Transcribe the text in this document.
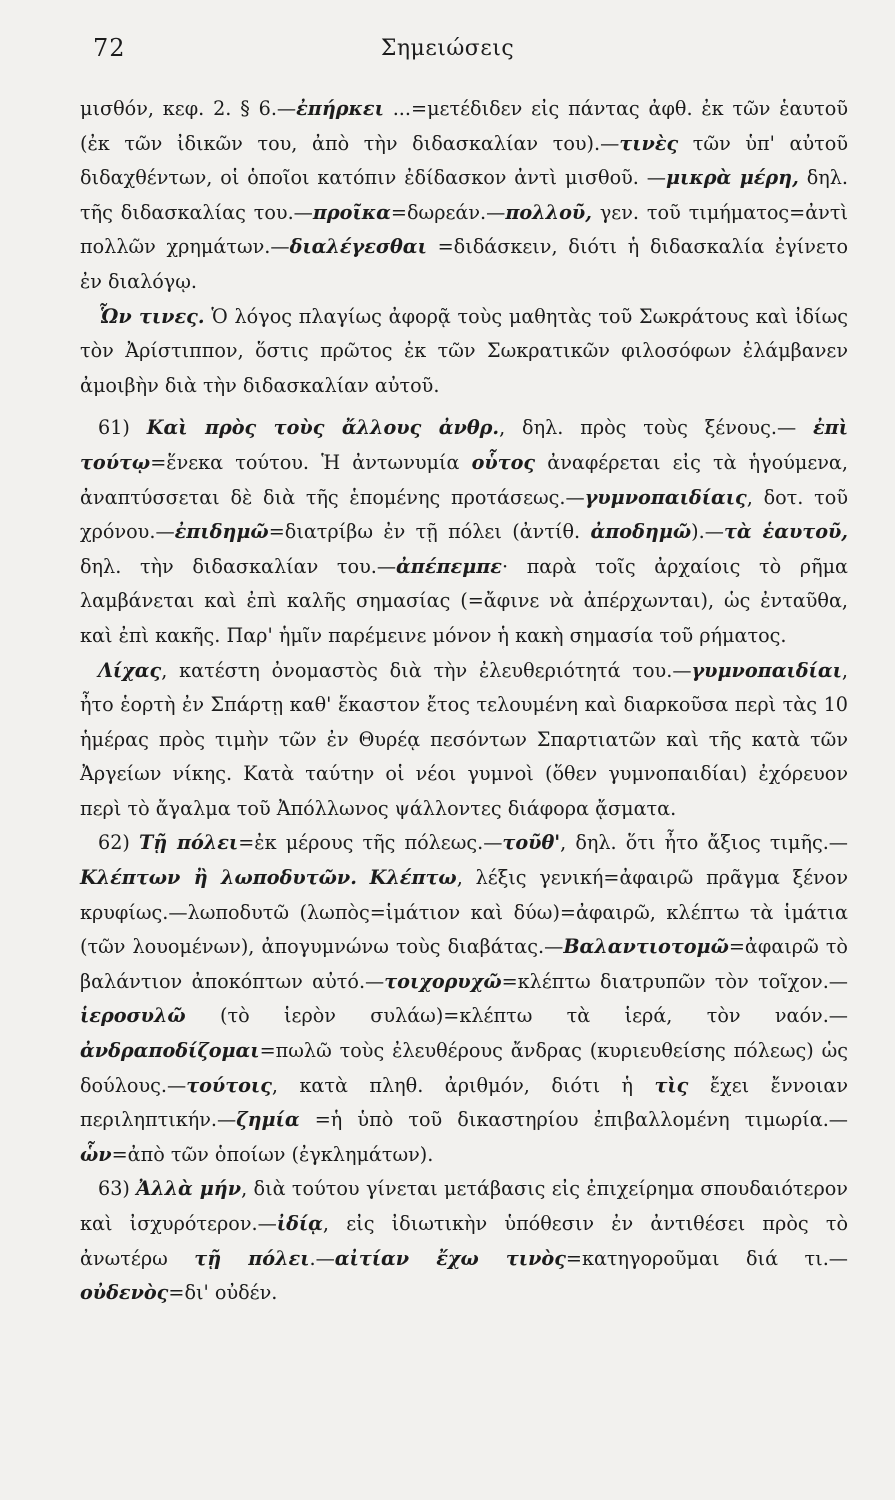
72	Σημειώσεις

μισθόν, κεφ. 2. § 6.—ἐπήρκει ...=μετέδιδεν εἰς πάντας ἀφθ. ἐκ τῶν ἑαυτοῦ (ἐκ τῶν ἰδικῶν του, ἀπὸ τὴν διδασκαλίαν του).—τινὲς τῶν ὑπ' αὐτοῦ διδαχθέντων, οἱ ὁποῖοι κατόπιν ἐδίδασκον ἀντὶ μισθοῦ. —μικρὰ μέρη, δηλ. τῆς διδασκαλίας του.—προῖκα=δωρεάν.—πολλοῦ, γεν. τοῦ τιμήματος=ἀντὶ πολλῶν χρημάτων.—διαλέγεσθαι =διδάσκειν, διότι ἡ διδασκαλία ἐγίνετο ἐν διαλόγῳ.

Ὧν τινες. Ὁ λόγος πλαγίως ἀφορᾷ τοὺς μαθητὰς τοῦ Σωκράτους καὶ ἰδίως τὸν Ἀρίστιππον, ὅστις πρῶτος ἐκ τῶν Σωκρατικῶν φιλοσόφων ἐλάμβανεν ἀμοιβὴν διὰ τὴν διδασκαλίαν αὐτοῦ.

61) Καὶ πρὸς τοὺς ἄλλους ἀνθρ., δηλ. πρὸς τοὺς ξένους.— ἐπὶ τούτῳ=ἕνεκα τούτου. Ἡ ἀντωνυμία οὗτος ἀναφέρεται εἰς τὰ ἡγούμενα, ἀναπτύσσεται δὲ διὰ τῆς ἑπομένης προτάσεως.—γυμνοπαιδίαις, δοτ. τοῦ χρόνου.—ἐπιδημῶ=διατρίβω ἐν τῇ πόλει (ἀντίθ. ἀποδημῶ).—τὰ ἑαυτοῦ, δηλ. τὴν διδασκαλίαν του.—ἀπέπεμπε· παρὰ τοῖς ἀρχαίοις τὸ ρῆμα λαμβάνεται καὶ ἐπὶ καλῆς σημασίας (=ἄφινε νὰ ἀπέρχωνται), ὡς ἐνταῦθα, καὶ ἐπὶ κακῆς. Παρ' ἡμῖν παρέμεινε μόνον ἡ κακὴ σημασία τοῦ ρήματος.

Λίχας, κατέστη ὀνομαστὸς διὰ τὴν ἐλευθεριότητά του.—γυμνοπαιδίαι, ἦτο ἑορτὴ ἐν Σπάρτῃ καθ' ἕκαστον ἔτος τελουμένη καὶ διαρκοῦσα περὶ τὰς 10 ἡμέρας πρὸς τιμὴν τῶν ἐν Θυρέᾳ πεσόντων Σπαρτιατῶν καὶ τῆς κατὰ τῶν Ἀργείων νίκης. Κατὰ ταύτην οἱ νέοι γυμνοὶ (ὅθεν γυμνοπαιδίαι) ἐχόρευον περὶ τὸ ἄγαλμα τοῦ Ἀπόλλωνος ψάλλοντες διάφορα ᾄσματα.

62) Τῇ πόλει=ἐκ μέρους τῆς πόλεως.—τοῦθ', δηλ. ὅτι ἦτο ἄξιος τιμῆς.—Κλέπτων ἢ λωποδυτῶν. Κλέπτω, λέξις γενική=ἀφαιρῶ πρᾶγμα ξένον κρυφίως.—λωποδυτῶ (λωπὸς=ἱμάτιον καὶ δύω)=ἀφαιρῶ, κλέπτω τὰ ἱμάτια (τῶν λουομένων), ἀπογυμνώνω τοὺς διαβάτας.—Βαλαντιοτομῶ=ἀφαιρῶ τὸ βαλάντιον ἀποκόπτων αὐτό.—τοιχορυχῶ=κλέπτω διατρυπῶν τὸν τοῖχον.—ἱεροσυλῶ (τὸ ἱερὸν συλάω)=κλέπτω τὰ ἱερά, τὸν ναόν.—ἀνδραποδίζομαι=πωλῶ τοὺς ἐλευθέρους ἄνδρας (κυριευθείσης πόλεως) ὡς δούλους.—τούτοις, κατὰ πληθ. ἀριθμόν, διότι ἡ τὶς ἔχει ἔννοιαν περιληπτικήν.—ζημία =ἡ ὑπὸ τοῦ δικαστηρίου ἐπιβαλλομένη τιμωρία.—ὧν=ἀπὸ τῶν ὁποίων (ἐγκλημάτων).

63) Ἀλλὰ μήν, διὰ τούτου γίνεται μετάβασις εἰς ἐπιχείρημα σπουδαιότερον καὶ ἰσχυρότερον.—ἰδίᾳ, εἰς ἰδιωτικὴν ὑπόθεσιν ἐν ἀντιθέσει πρὸς τὸ ἀνωτέρω τῇ πόλει.—αἰτίαν ἔχω τινὸς=κατηγοροῦμαι διά τι.—οὐδενὸς=δι' οὐδέν.
